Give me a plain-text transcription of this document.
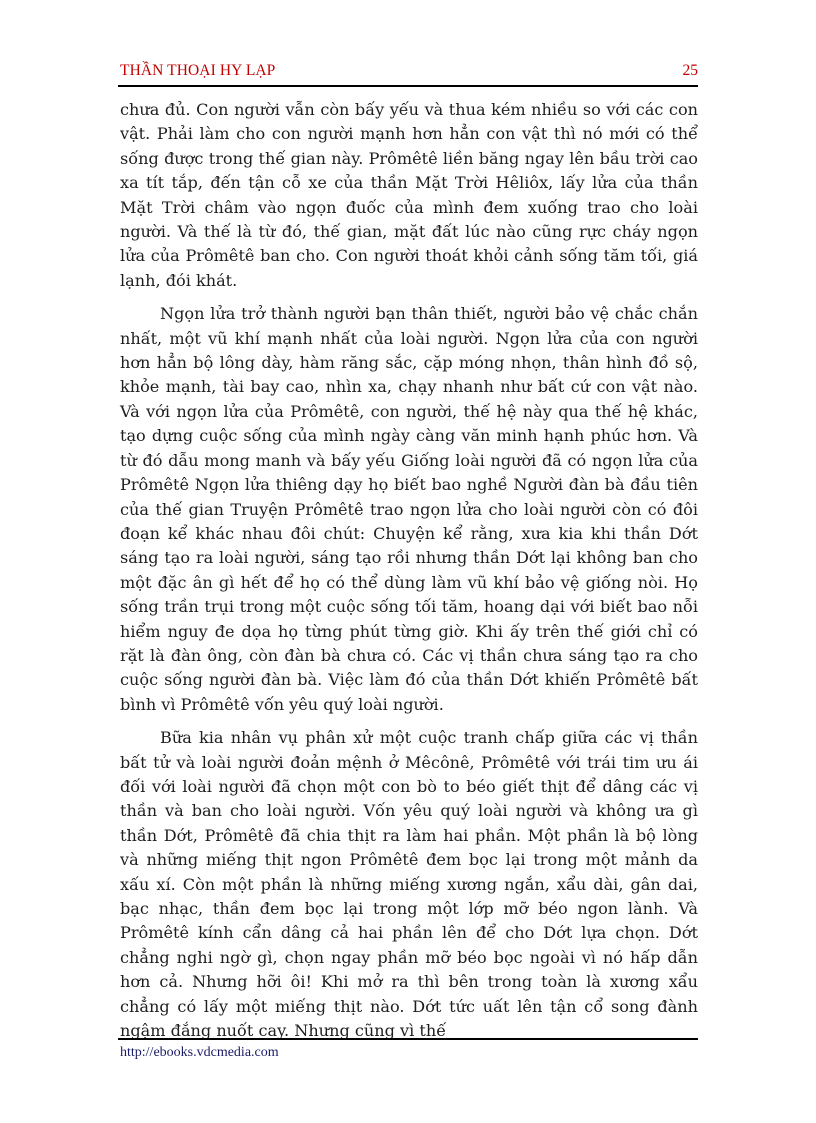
THẦN THOẠI HY LẠP	25

chưa đủ. Con người vẫn còn bấy yếu và thua kém nhiều so với các con vật. Phải làm cho con người mạnh hơn hẳn con vật thì nó mới có thể sống được trong thế gian này. Prômêtê liền băng ngay lên bầu trời cao xa tít tắp, đến tận cỗ xe của thần Mặt Trời Hêliôx, lấy lửa của thần Mặt Trời châm vào ngọn đuốc của mình đem xuống trao cho loài người. Và thế là từ đó, thế gian, mặt đất lúc nào cũng rực cháy ngọn lửa của Prômêtê ban cho. Con người thoát khỏi cảnh sống tăm tối, giá lạnh, đói khát.

Ngọn lửa trở thành người bạn thân thiết, người bảo vệ chắc chắn nhất, một vũ khí mạnh nhất của loài người. Ngọn lửa của con người hơn hẳn bộ lông dày, hàm răng sắc, cặp móng nhọn, thân hình đồ sộ, khỏe mạnh, tài bay cao, nhìn xa, chạy nhanh như bất cứ con vật nào. Và với ngọn lửa của Prômêtê, con người, thế hệ này qua thế hệ khác, tạo dựng cuộc sống của mình ngày càng văn minh hạnh phúc hơn. Và từ đó dẫu mong manh và bấy yếu Giống loài người đã có ngọn lửa của Prômêtê Ngọn lửa thiêng dạy họ biết bao nghề Người đàn bà đầu tiên của thế gian Truyện Prômêtê trao ngọn lửa cho loài người còn có đôi đoạn kể khác nhau đôi chút: Chuyện kể rằng, xưa kia khi thần Dớt sáng tạo ra loài người, sáng tạo rồi nhưng thần Dớt lại không ban cho một đặc ân gì hết để họ có thể dùng làm vũ khí bảo vệ giống nòi. Họ sống trần trụi trong một cuộc sống tối tăm, hoang dại với biết bao nỗi hiểm nguy đe dọa họ từng phút từng giờ. Khi ấy trên thế giới chỉ có rặt là đàn ông, còn đàn bà chưa có. Các vị thần chưa sáng tạo ra cho cuộc sống người đàn bà. Việc làm đó của thần Dớt khiến Prômêtê bất bình vì Prômêtê vốn yêu quý loài người.

Bữa kia nhân vụ phân xử một cuộc tranh chấp giữa các vị thần bất tử và loài người đoản mệnh ở Mêcônê, Prômêtê với trái tim ưu ái đối với loài người đã chọn một con bò to béo giết thịt để dâng các vị thần và ban cho loài người. Vốn yêu quý loài người và không ưa gì thần Dớt, Prômêtê đã chia thịt ra làm hai phần. Một phần là bộ lòng và những miếng thịt ngon Prômêtê đem bọc lại trong một mảnh da xấu xí. Còn một phần là những miếng xương ngắn, xẩu dài, gân dai, bạc nhạc, thần đem bọc lại trong một lớp mỡ béo ngon lành. Và Prômêtê kính cẩn dâng cả hai phần lên để cho Dớt lựa chọn. Dớt chẳng nghi ngờ gì, chọn ngay phần mỡ béo bọc ngoài vì nó hấp dẫn hơn cả. Nhưng hỡi ôi! Khi mở ra thì bên trong toàn là xương xẩu chẳng có lấy một miếng thịt nào. Dớt tức uất lên tận cổ song đành ngậm đắng nuốt cay. Nhưng cũng vì thế

http://ebooks.vdcmedia.com
